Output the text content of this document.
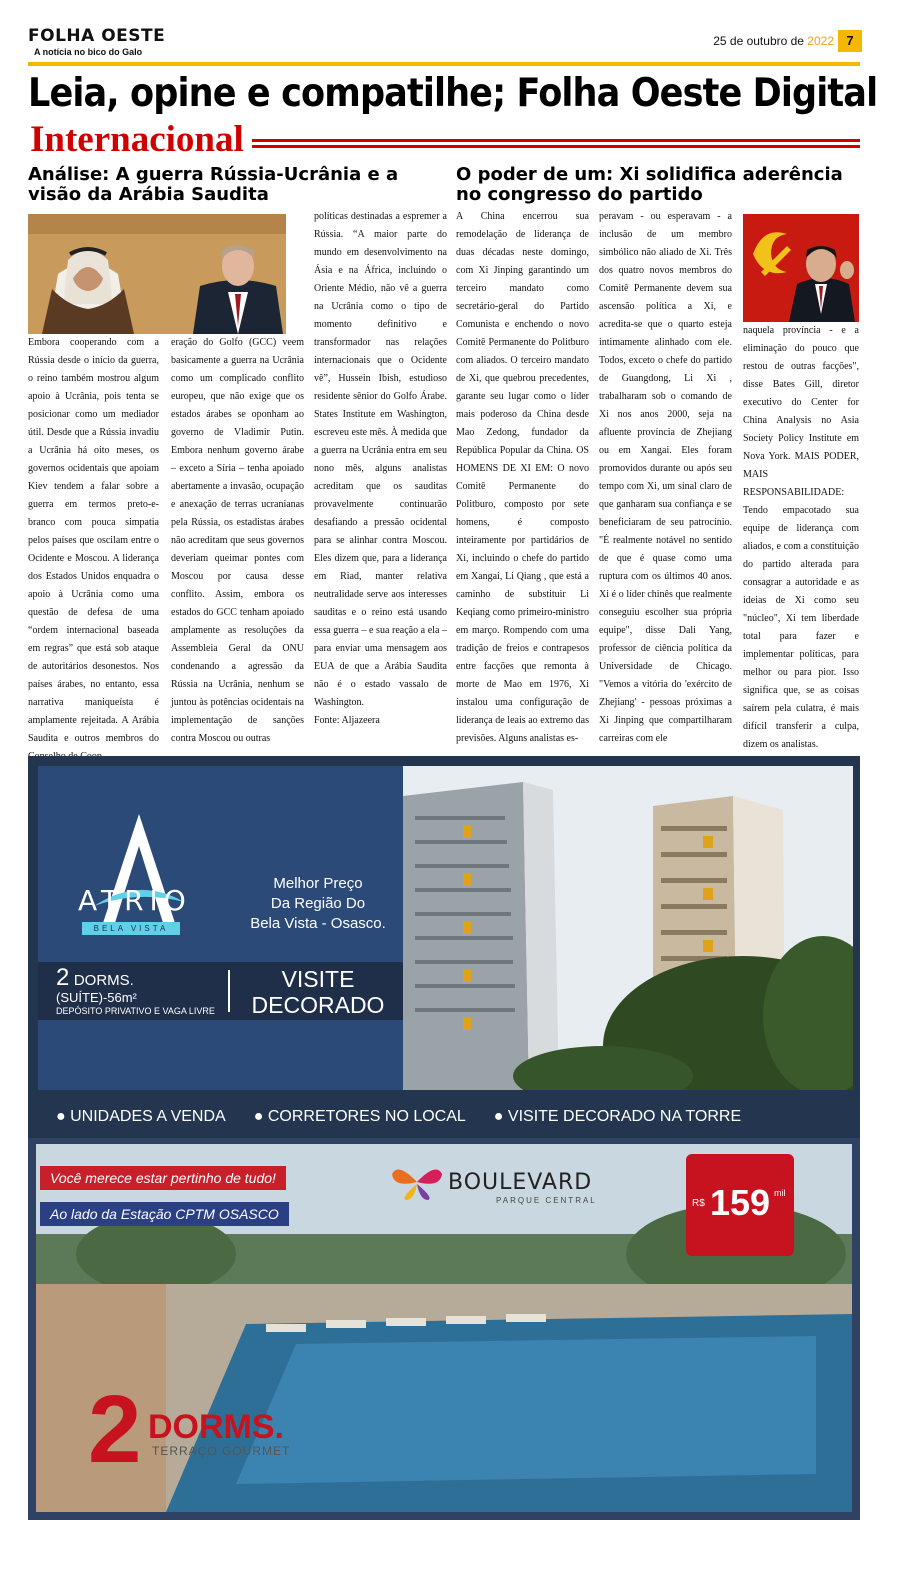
FOLHA OESTE
A notícia no bico do Galo
25 de outubro de 2022 7
Leia, opine e compatilhe; Folha Oeste Digital
Internacional
Análise: A guerra Rússia-Ucrânia e a visão da Arábia Saudita

Embora cooperando com a Rússia desde o início da guerra, o reino também mostrou algum apoio à Ucrânia, pois tenta se posicionar como um mediador útil. Desde que a Rússia invadiu a Ucrânia há oito meses, os governos ocidentais que apoiam Kiev tendem a falar sobre a guerra em termos preto-e-branco com pouca simpatia pelos países que oscilam entre o Ocidente e Moscou. A liderança dos Estados Unidos enquadra o apoio à Ucrânia como uma questão de defesa de uma “ordem internacional baseada em regras” que está sob ataque de autoritários desonestos. Nos países árabes, no entanto, essa narrativa maniqueísta é amplamente rejeitada. A Arábia Saudita e outros membros do

eração do Golfo (GCC) veem basicamente a guerra na Ucrânia como um complicado conflito europeu, que não exige que os estados árabes se oponham ao governo de Vladimir Putin. Embora nenhum governo árabe – exceto a Síria – tenha apoiado abertamente a invasão, ocupação e anexação de terras ucranianas pela Rússia, os estadistas árabes não acreditam que seus governos deveriam queimar pontes com Moscou por causa desse conflito. Assim, embora os estados do GCC tenham apoiado amplamente as resoluções da Assembleia Geral da ONU condenando a agressão da Rússia na Ucrânia, nenhum se juntou às potências ocidentais na implementação de sanções contra Moscou ou outras

políticas destinadas a espremer a Rússia. “A maior parte do mundo em desenvolvimento na Ásia e na África, incluindo o Oriente Médio, não vê a guerra na Ucrânia como o tipo de momento definitivo e transformador nas relações internacionais que o Ocidente vê”, Hussein Ibish, estudioso residente sênior do Golfo Árabe. States Institute em Washington, escreveu este mês. À medida que a guerra na Ucrânia entra em seu nono mês, alguns analistas acreditam que os sauditas provavelmente continuarão desafiando a pressão ocidental para se alinhar contra Moscou. Eles dizem que, para a liderança em Riad, manter relativa neutralidade serve aos interesses sauditas e o reino está usando essa guerra – e sua reação a ela – para enviar uma mensagem aos EUA de que a Arábia Saudita não é o estado vassalo de Washington.

Fonte: Aljazeera

O poder de um: Xi solidifica aderência no congresso do partido

A China encerrou sua remodelação de liderança de duas décadas neste domingo, com Xi Jinping garantindo um terceiro mandato como secretário-geral do Partido Comunista e enchendo o novo Comitê Permanente do Politburo com aliados. O terceiro mandato de Xi, que quebrou precedentes, garante seu lugar como o líder mais poderoso da China desde Mao Zedong, fundador da República Popular da China. OS HOMENS DE XI EM: O novo Comitê Permanente do Politburo, composto por sete homens, é composto inteiramente por partidários de Xi, incluindo o chefe do partido em Xangai, Li Qiang , que está a caminho de substituir Li Keqiang como primeiro-ministro em março. Rompendo com uma tradição de freios e contrapesos entre facções que remonta à morte de Mao em 1976, Xi instalou uma configuração de liderança de leais ao extremo das previsões. Alguns analistas es-

peravam - ou esperavam - a inclusão de um membro simbólico não aliado de Xi. Três dos quatro novos membros do Comitê Permanente devem sua ascensão política a Xi, e acredita-se que o quarto esteja intimamente alinhado com ele. Todos, exceto o chefe do partido de Guangdong, Li Xi , trabalharam sob o comando de Xi nos anos 2000, seja na afluente província de Zhejiang ou em Xangai. Eles foram promovidos durante ou após seu tempo com Xi, um sinal claro de que ganharam sua confiança e se beneficiaram de seu patrocínio. "É realmente notável no sentido de que é quase como uma ruptura com os últimos 40 anos. Xi é o líder chinês que realmente conseguiu escolher sua própria equipe", disse Dali Yang, professor de ciência política da Universidade de Chicago. "Vemos a vitória do 'exército de Zhejiang' - pessoas próximas a Xi Jinping que compartilharam carreiras com ele

naquela província - e a eliminação do pouco que restou de outras facções", disse Bates Gill, diretor executivo do Center for China Analysis no Asia Society Policy Institute em Nova York. MAIS PODER, MAIS RESPONSABILIDADE: Tendo empacotado sua equipe de liderança com aliados, e com a constituição do partido alterada para consagrar a autoridade e as ideias de Xi como seu "núcleo", Xi tem liberdade total para fazer e implementar políticas, para melhor ou para pior. Isso significa que, se as coisas saírem pela culatra, é mais difícil transferir a culpa, dizem os analistas.

ATRIO
BELA VISTA
Melhor Preço
Da Região Do
Bela Vista - Osasco.
2 DORMS.
(SUÍTE)-56m²
DEPÓSITO PRIVATIVO E VAGA LIVRE
VISITE
DECORADO
● UNIDADES A VENDA ● CORRETORES NO LOCAL ● VISITE DECORADO NA TORRE
Você merece estar pertinho de tudo!
Ao lado da Estação CPTM OSASCO
BOULEVARD
PARQUE CENTRAL	R$ 159 mil
2 DORMS.
TERRAÇO GOURMET
